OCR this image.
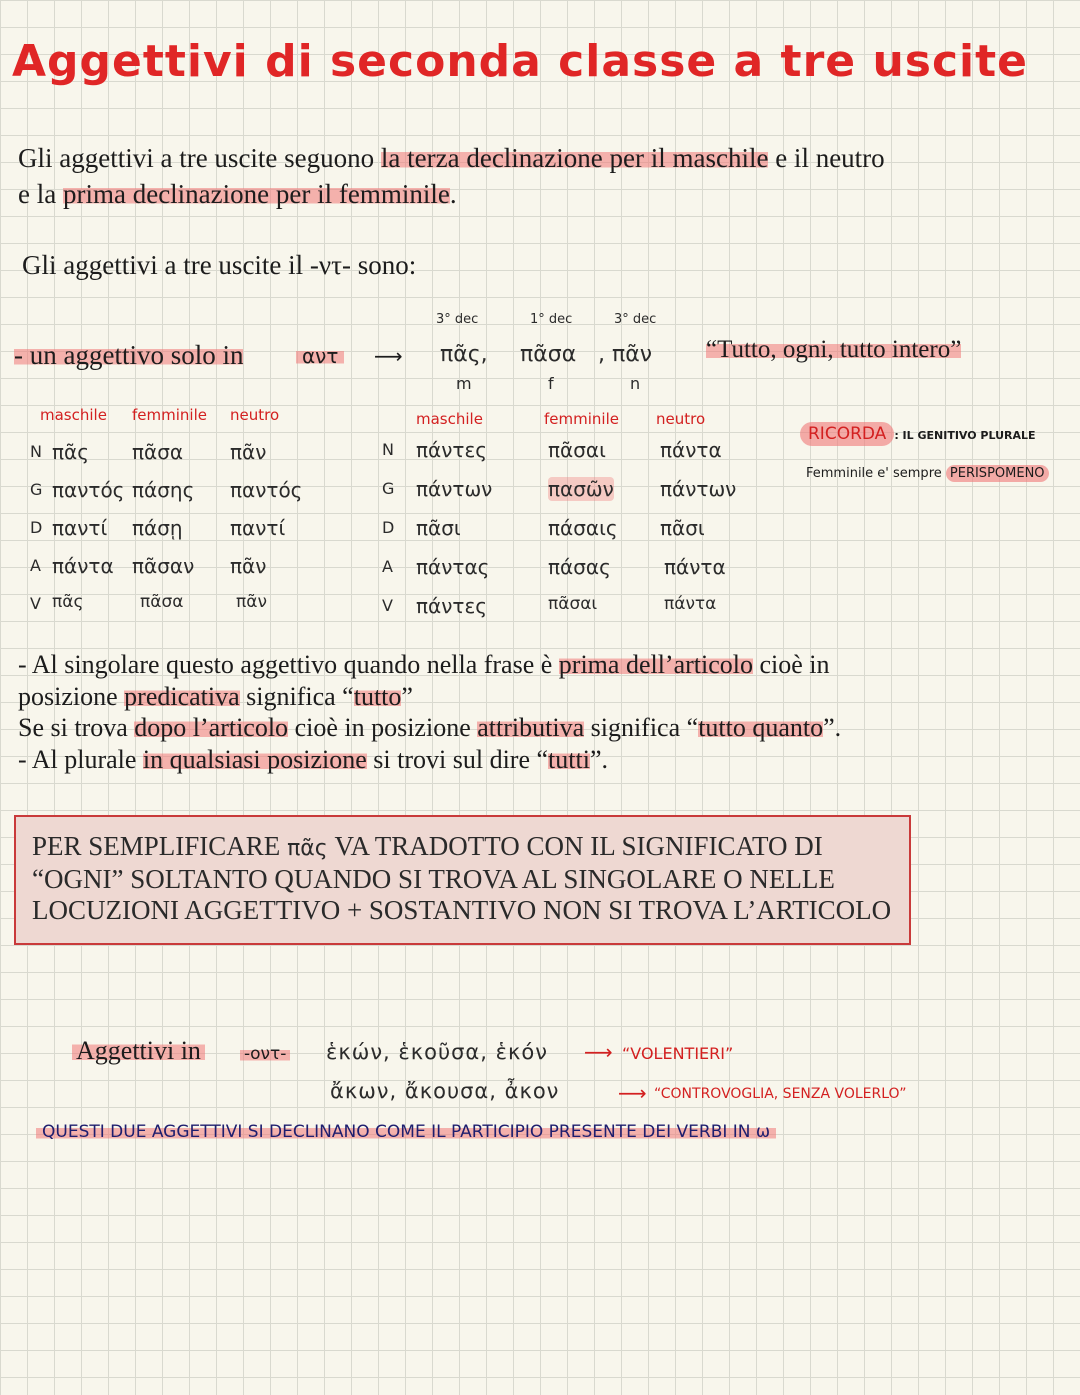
Aggettivi di seconda classe a tre uscite
Gli aggettivi a tre uscite seguono la terza declinazione per il maschile e il neutro
e la prima declinazione per il femminile.
Gli aggettivi a tre uscite il -ντ- sono:
- un aggettivo solo in	αντ	⟶
3° dec	1° dec	3° dec
πᾶς, πᾶσα , πᾶν
m	f	n
“Tutto, ogni, tutto intero”
maschile femminile neutro
N πᾶς πᾶσα πᾶν
G παντός πάσης παντός
D παντί πάσῃ παντί
A πάντα πᾶσαν πᾶν
V πᾶς	πᾶσα	πᾶν
maschile	femminile neutro
N πάντες	πᾶσαι	πάντα
G πάντων	πασῶν πάντων
D πᾶσι	πάσαις πᾶσι
A πάντας	πάσας	πάντα
V πάντες	πᾶσαι	πάντα
RICORDA : IL GENITIVO PLURALE
Femminile e' sempre PERISPOMENO
- Al singolare questo aggettivo quando nella frase è prima dell’articolo cioè in
posizione predicativa significa “tutto”
Se si trova dopo l’articolo cioè in posizione attributiva significa “tutto quanto”.
- Al plurale in qualsiasi posizione si trovi sul dire “tutti”.
PER SEMPLIFICARE πᾶς VA TRADOTTO CON IL SIGNIFICATO DI “OGNI” SOLTANTO QUANDO SI TROVA AL SINGOLARE O NELLE LOCUZIONI AGGETTIVO + SOSTANTIVO NON SI TROVA L’ARTICOLO
Aggettivi in	-οντ- ἑκών, ἑκοῦσα, ἑκόν ⟶ “VOLENTIERI”
ἄκων, ἄκουσα, ἆκον	⟶ “CONTROVOGLIA, SENZA VOLERLO”
QUESTI DUE AGGETTIVI SI DECLINANO COME IL PARTICIPIO PRESENTE DEI VERBI IN ω
